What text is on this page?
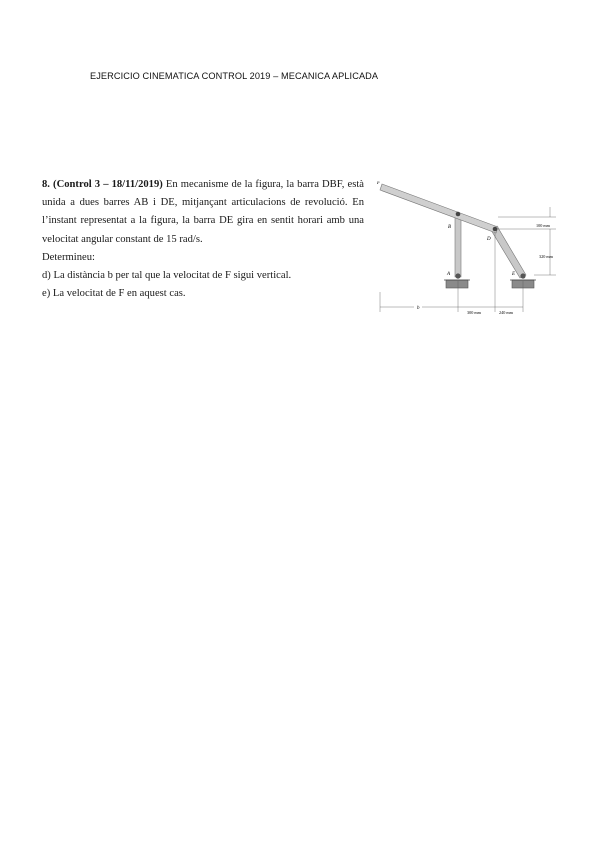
EJERCICIO CINEMATICA CONTROL 2019 – MECANICA APLICADA

8. (Control 3 – 18/11/2019) En mecanisme de la figura, la barra DBF, està unida a dues barres AB i DE, mitjançant articulacions de revolució. En l’instant representat a la figura, la barra DE gira en sentit horari amb una velocitat angular constant de 15 rad/s.

Determineu:

d) La distància b per tal que la velocitat de F sigui vertical.

e) La velocitat de F en aquest cas.

F
B
D
A	E
100 mm
320 mm
b
300 mm	240 mm
